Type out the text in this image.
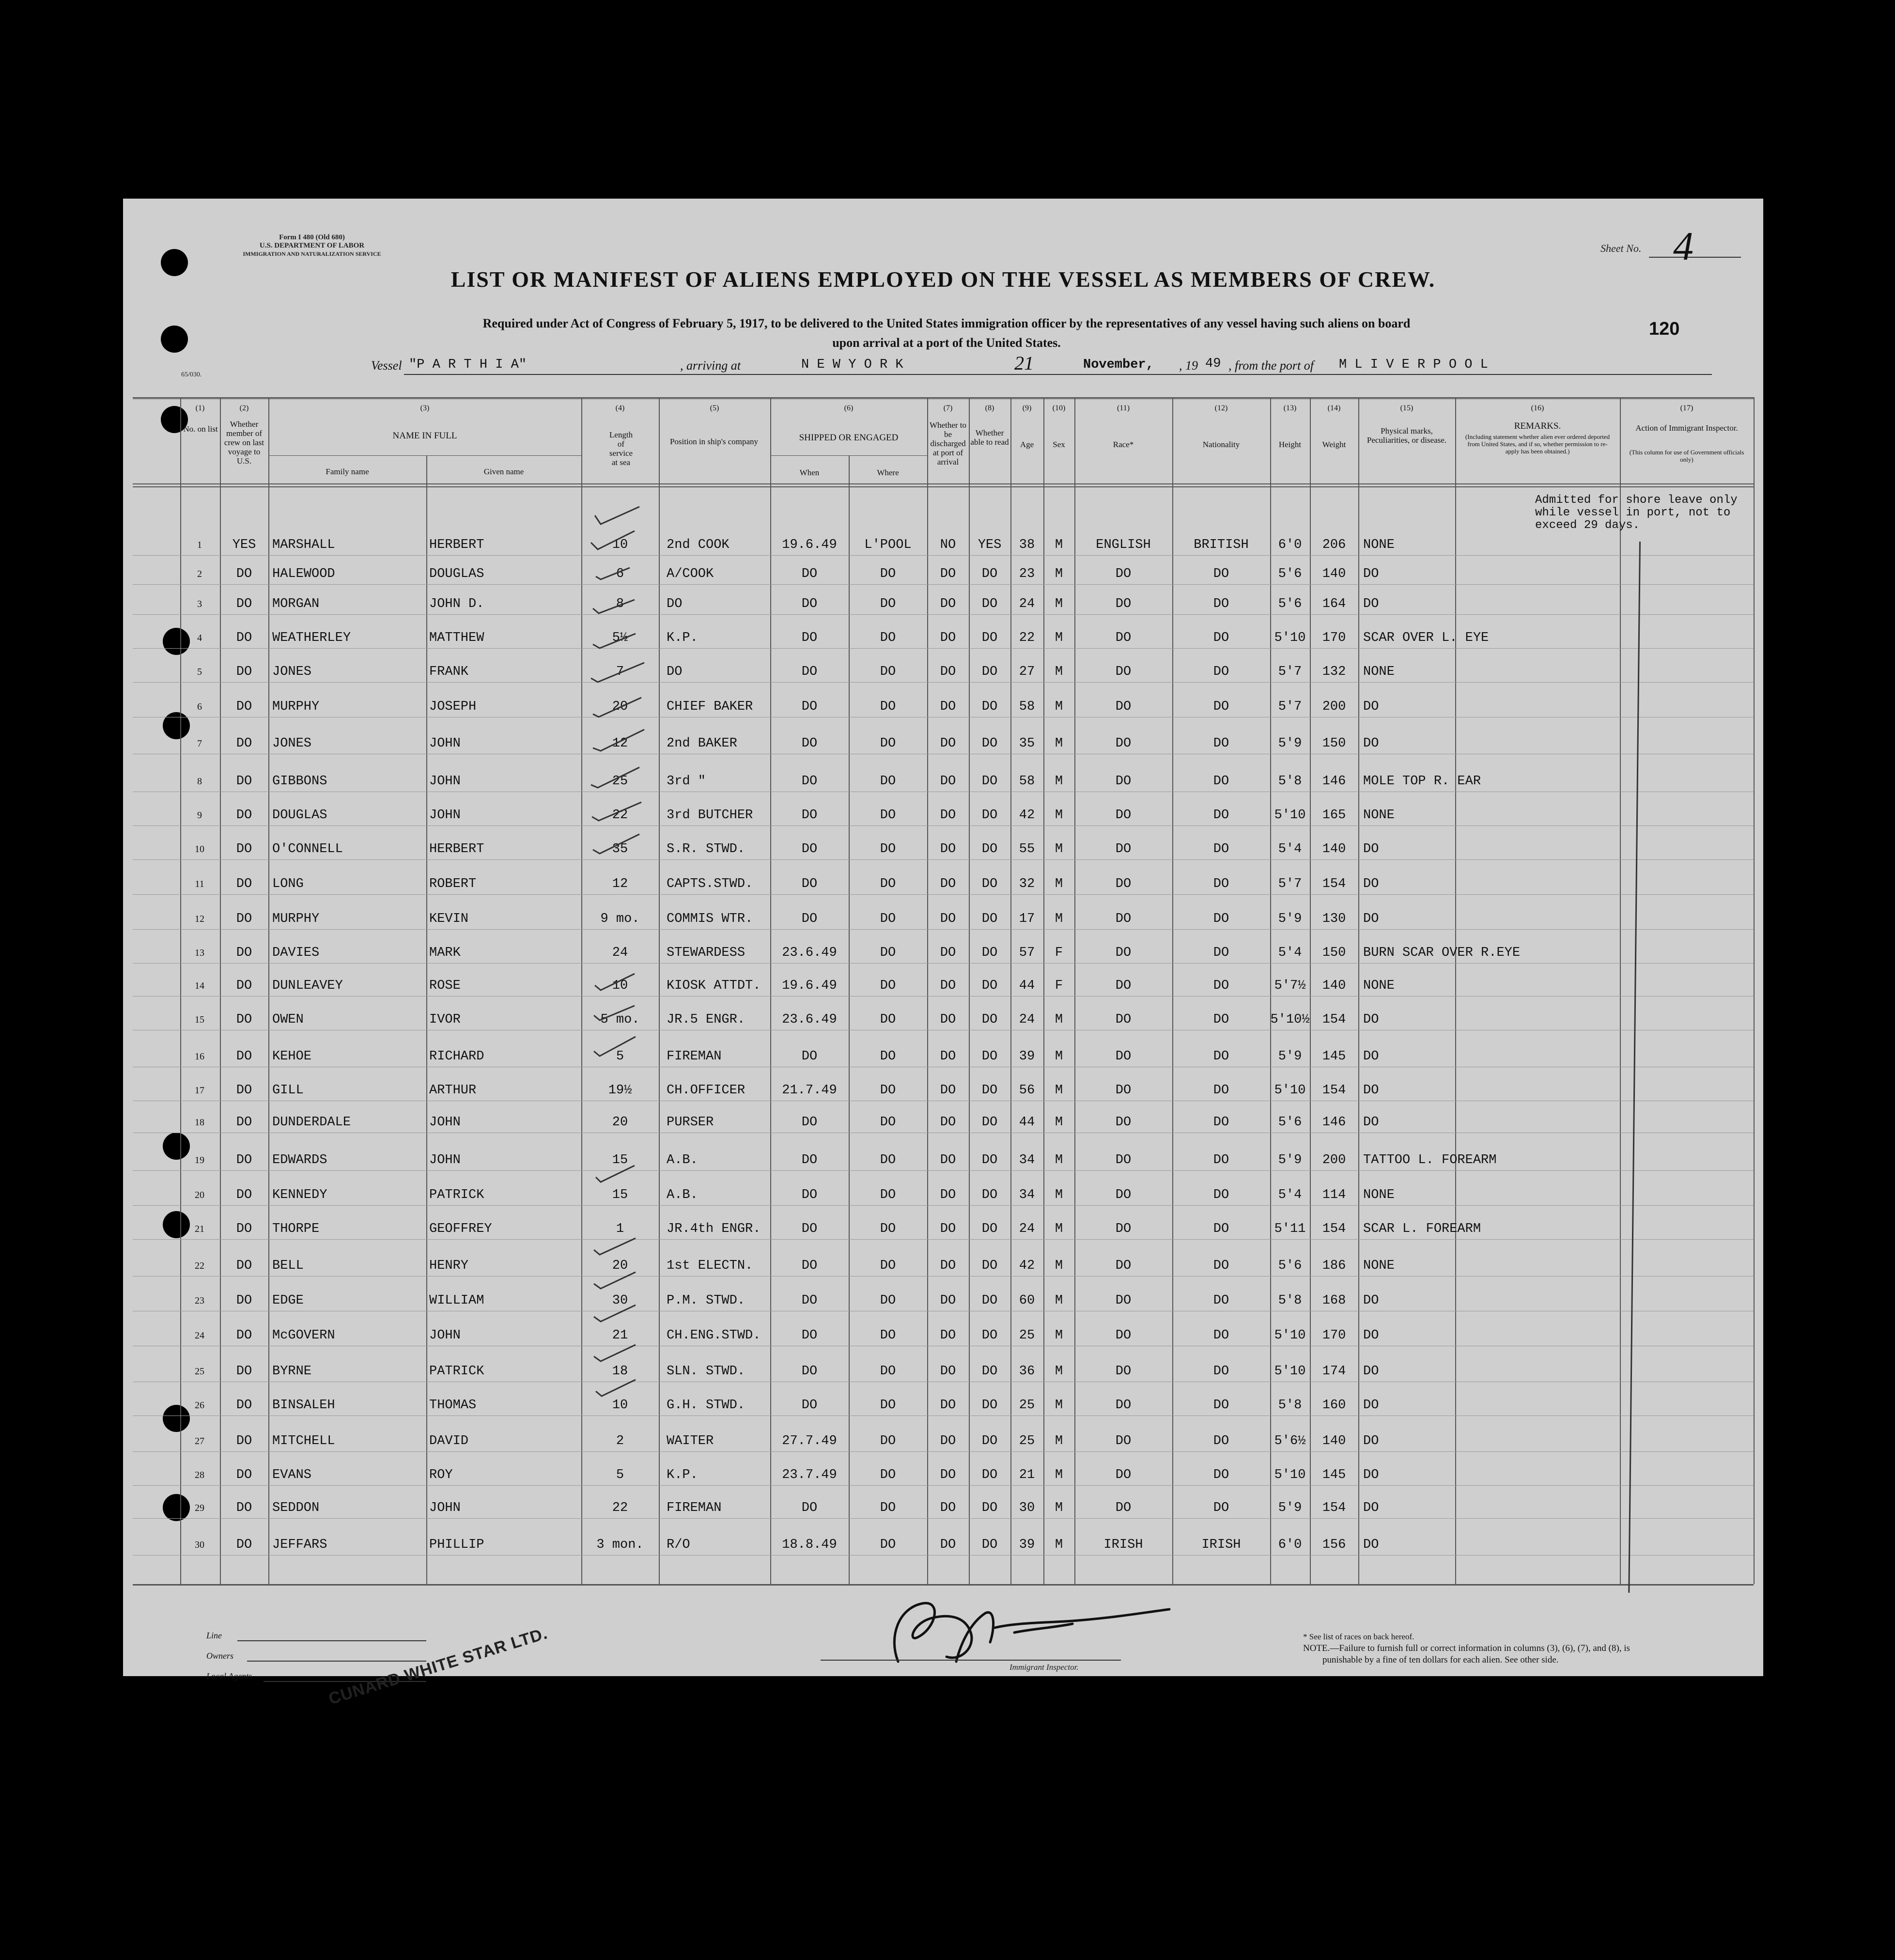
Form I 480 (Old 680)
U.S. DEPARTMENT OF LABOR
IMMIGRATION AND NATURALIZATION SERVICE
65/030.
Sheet No. 4
120
LIST OR MANIFEST OF ALIENS EMPLOYED ON THE VESSEL AS MEMBERS OF CREW.
Required under Act of Congress of February 5, 1917, to be delivered to the United States immigration officer by the representatives of any vessel having such aliens on board
upon arrival at a port of the United States.
Vessel "P A R T H I A"	, arriving at	N E W Y O R K	21	November, , 19 49 , from the port of M L I V E R P O O L
(1)
No. on list
(2)
Whether member of crew on last voyage to U.S.
(3)
NAME IN FULL
Family name	Given name
(4)
Length of service at sea
(5)
Position in ship's company
(6)
SHIPPED OR ENGAGED
When	Where
(7)
Whether to be discharged at port of arrival
(8)
Whether able to read
(9)
Age
(10)
Sex
(11)
Race*
(12)
Nationality
(13)
Height
(14)
Weight
(15)
Physical marks, Peculiarities, or disease.
(16)
REMARKS.
(Including statement whether alien ever ordered deported from United States, and if so, whether permission to re-apply has been obtained.)
(17)
Action of Immigrant Inspector.
(This column for use of Government officials only)
1	YES	MARSHALL	HERBERT	10	2nd COOK	19.6.49	L'POOL	NO	YES	38	M	ENGLISH	BRITISH	6'0	206	NONE
2	DO	HALEWOOD	DOUGLAS	6	A/COOK	DO	DO	DO	DO	23	M	DO	DO	5'6	140	DO
3	DO	MORGAN	JOHN D.	8	DO	DO	DO	DO	DO	24	M	DO	DO	5'6	164	DO
4	DO	WEATHERLEY	MATTHEW	5½	K.P.	DO	DO	DO	DO	22	M	DO	DO	5'10	170	SCAR OVER L. EYE
5	DO	JONES	FRANK	7	DO	DO	DO	DO	DO	27	M	DO	DO	5'7	132	NONE
6	DO	MURPHY	JOSEPH	20	CHIEF BAKER	DO	DO	DO	DO	58	M	DO	DO	5'7	200	DO
7	DO	JONES	JOHN	12	2nd BAKER	DO	DO	DO	DO	35	M	DO	DO	5'9	150	DO
8	DO	GIBBONS	JOHN	25	3rd "	DO	DO	DO	DO	58	M	DO	DO	5'8	146	MOLE TOP R. EAR
9	DO	DOUGLAS	JOHN	22	3rd BUTCHER	DO	DO	DO	DO	42	M	DO	DO	5'10	165	NONE
10	DO	O'CONNELL	HERBERT	35	S.R. STWD.	DO	DO	DO	DO	55	M	DO	DO	5'4	140	DO
11	DO	LONG	ROBERT	12	CAPTS.STWD.	DO	DO	DO	DO	32	M	DO	DO	5'7	154	DO
12	DO	MURPHY	KEVIN	9 mo.	COMMIS WTR.	DO	DO	DO	DO	17	M	DO	DO	5'9	130	DO
13	DO	DAVIES	MARK	24	STEWARDESS	23.6.49	DO	DO	DO	57	F	DO	DO	5'4	150	BURN SCAR OVER R.EYE
14	DO	DUNLEAVEY	ROSE	10	KIOSK ATTDT.	19.6.49	DO	DO	DO	44	F	DO	DO	5'7½	140	NONE
15	DO	OWEN	IVOR	5 mo.	JR.5 ENGR.	23.6.49	DO	DO	DO	24	M	DO	DO	5'10½ 154	DO
16	DO	KEHOE	RICHARD	5	FIREMAN	DO	DO	DO	DO	39	M	DO	DO	5'9	145	DO
17	DO	GILL	ARTHUR	19½	CH.OFFICER	21.7.49	DO	DO	DO	56	M	DO	DO	5'10	154	DO
18	DO	DUNDERDALE	JOHN	20	PURSER	DO	DO	DO	DO	44	M	DO	DO	5'6	146	DO
19	DO	EDWARDS	JOHN	15	A.B.	DO	DO	DO	DO	34	M	DO	DO	5'9	200	TATTOO L. FOREARM
20	DO	KENNEDY	PATRICK	15	A.B.	DO	DO	DO	DO	34	M	DO	DO	5'4	114	NONE
21	DO	THORPE	GEOFFREY	1	JR.4th ENGR.	DO	DO	DO	DO	24	M	DO	DO	5'11	154	SCAR L. FOREARM
22	DO	BELL	HENRY	20	1st ELECTN.	DO	DO	DO	DO	42	M	DO	DO	5'6	186	NONE
23	DO	EDGE	WILLIAM	30	P.M. STWD.	DO	DO	DO	DO	60	M	DO	DO	5'8	168	DO
24	DO	McGOVERN	JOHN	21	CH.ENG.STWD.	DO	DO	DO	DO	25	M	DO	DO	5'10	170	DO
25	DO	BYRNE	PATRICK	18	SLN. STWD.	DO	DO	DO	DO	36	M	DO	DO	5'10	174	DO
26	DO	BINSALEH	THOMAS	10	G.H. STWD.	DO	DO	DO	DO	25	M	DO	DO	5'8	160	DO
27	DO	MITCHELL	DAVID	2	WAITER	27.7.49	DO	DO	DO	25	M	DO	DO	5'6½	140	DO
28	DO	EVANS	ROY	5	K.P.	23.7.49	DO	DO	DO	21	M	DO	DO	5'10	145	DO
29	DO	SEDDON	JOHN	22	FIREMAN	DO	DO	DO	DO	30	M	DO	DO	5'9	154	DO
30	DO	JEFFARS	PHILLIP	3 mon.	R/O	18.8.49	DO	DO	DO	39	M	IRISH	IRISH	6'0	156	DO
Admitted for shore leave only while vessel in port, not to exceed 29 days.
Line
Owners
Local Agents	CUNARD WHITE STAR LTD.	Immigrant Inspector.
* See list of races on back hereof.
NOTE.—Failure to furnish full or correct information in columns (3), (6), (7), and (8), is
punishable by a fine of ten dollars for each alien. See other side.
